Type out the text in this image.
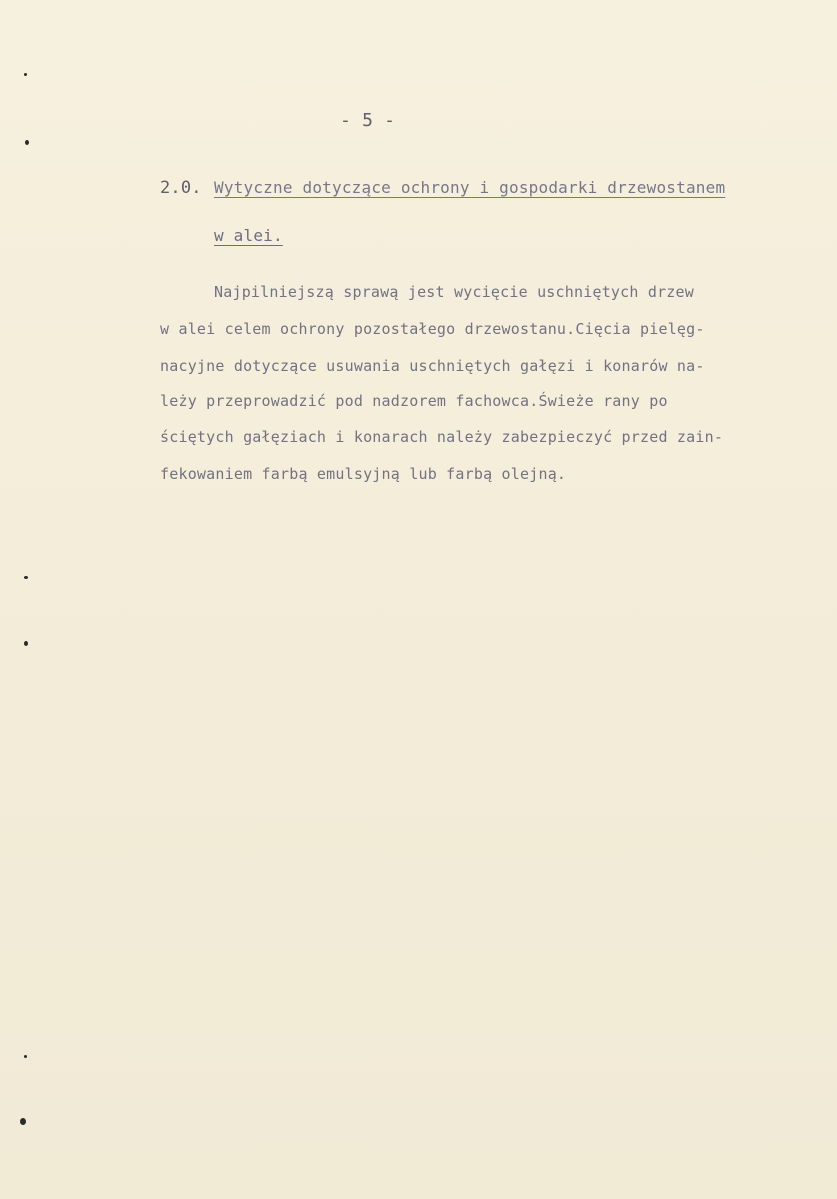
- 5 -
2.0. Wytyczne dotyczące ochrony i gospodarki drzewostanem
w alei.
Najpilniejszą sprawą jest wycięcie uschniętych drzew
w alei celem ochrony pozostałego drzewostanu.Cięcia pielęg-
nacyjne dotyczące usuwania uschniętych gałęzi i konarów na-
leży przeprowadzić pod nadzorem fachowca.Świeże rany po
ściętych gałęziach i konarach należy zabezpieczyć przed zain-
fekowaniem farbą emulsyjną lub farbą olejną.
